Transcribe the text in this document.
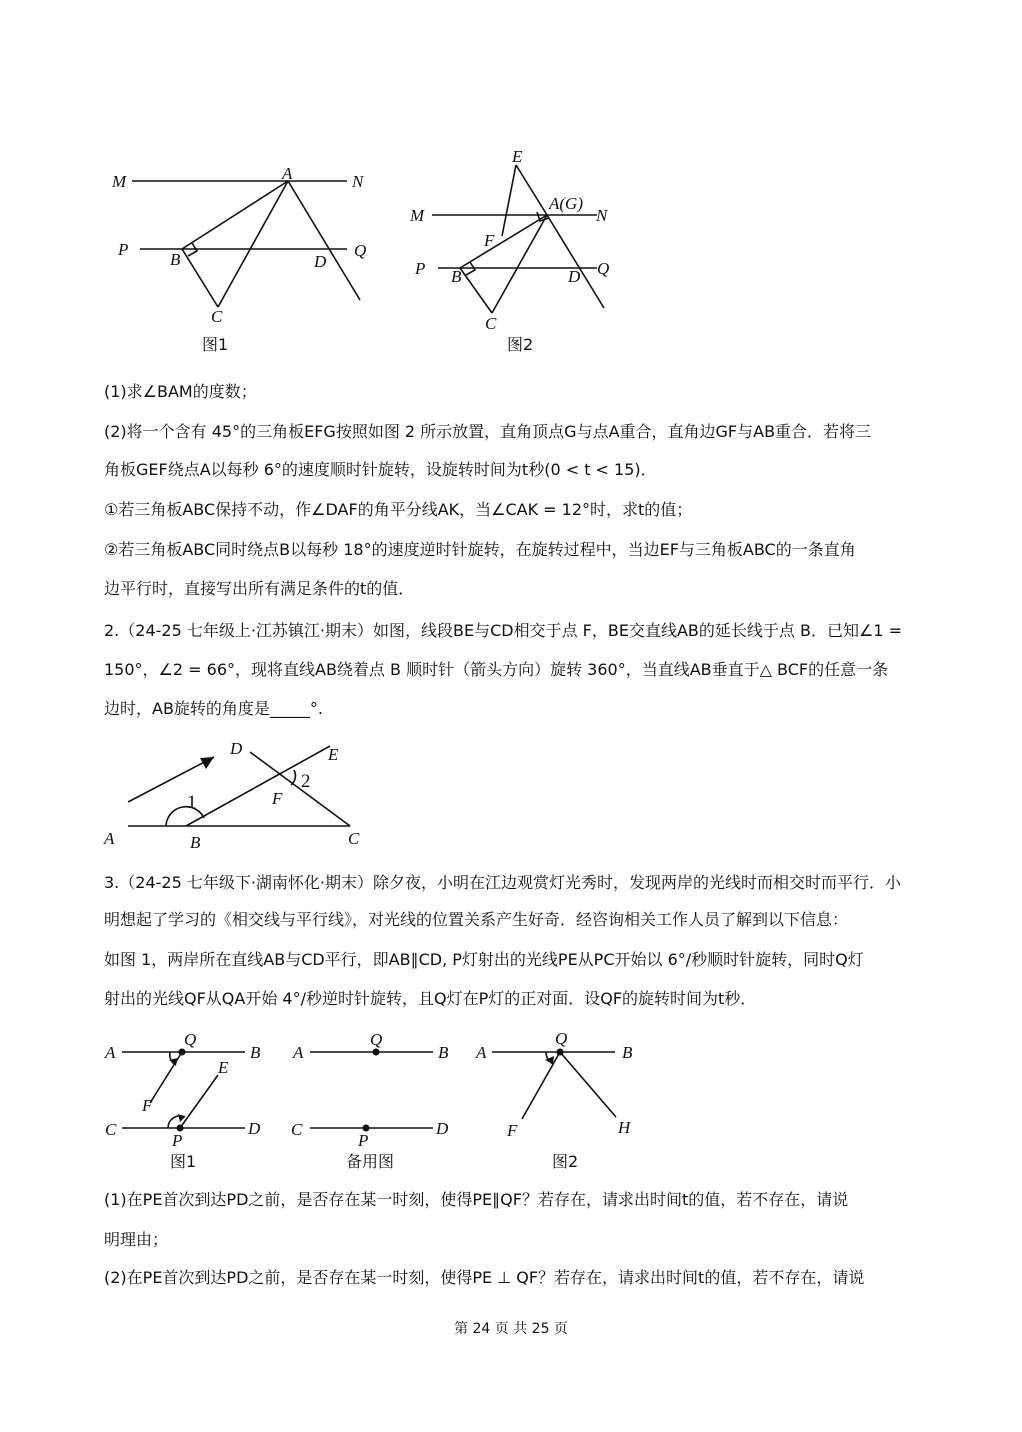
M	N
A
P	Q
B	D
C
图1
E
M	N
A(G)
F
P	Q
B	D
C
图2
(1)求∠BAM的度数；
(2)将一个含有 45°的三角板EFG按照如图 2 所示放置，直角顶点G与点A重合，直角边GF与AB重合．若将三
角板GEF绕点A以每秒 6°的速度顺时针旋转，设旋转时间为t秒(0 < t < 15)．
①若三角板ABC保持不动，作∠DAF的角平分线AK，当∠CAK = 12°时，求t的值；
②若三角板ABC同时绕点B以每秒 18°的速度逆时针旋转，在旋转过程中，当边EF与三角板ABC的一条直角
边平行时，直接写出所有满足条件的t的值．
2.（24-25 七年级上·江苏镇江·期末）如图，线段BE与CD相交于点 F，BE交直线AB的延长线于点 B．已知∠1 =
150°，∠2 = 66°，现将直线AB绕着点 B 顺时针（箭头方向）旋转 360°，当直线AB垂直于△ BCF的任意一条
边时，AB旋转的角度是_____°.
D	E
1
2
F
A	B	C
3.（24-25 七年级下·湖南怀化·期末）除夕夜，小明在江边观赏灯光秀时，发现两岸的光线时而相交时而平行．小
明想起了学习的《相交线与平行线》，对光线的位置关系产生好奇．经咨询相关工作人员了解到以下信息：
如图 1，两岸所在直线AB与CD平行，即AB∥CD, P灯射出的光线PE从PC开始以 6°/秒顺时针旋转，同时Q灯
射出的光线QF从QA开始 4°/秒逆时针旋转，且Q灯在P灯的正对面．设QF的旋转时间为t秒．
A
Q
B
E
F
C
P
D
图1
A
Q
B
C
P
D
备用图
A
Q
B
F	H
图2
(1)在PE首次到达PD之前，是否存在某一时刻，使得PE∥QF？若存在，请求出时间t的值，若不存在，请说
明理由；
(2)在PE首次到达PD之前，是否存在某一时刻，使得PE ⊥ QF？若存在，请求出时间t的值，若不存在，请说
第 24 页 共 25 页
